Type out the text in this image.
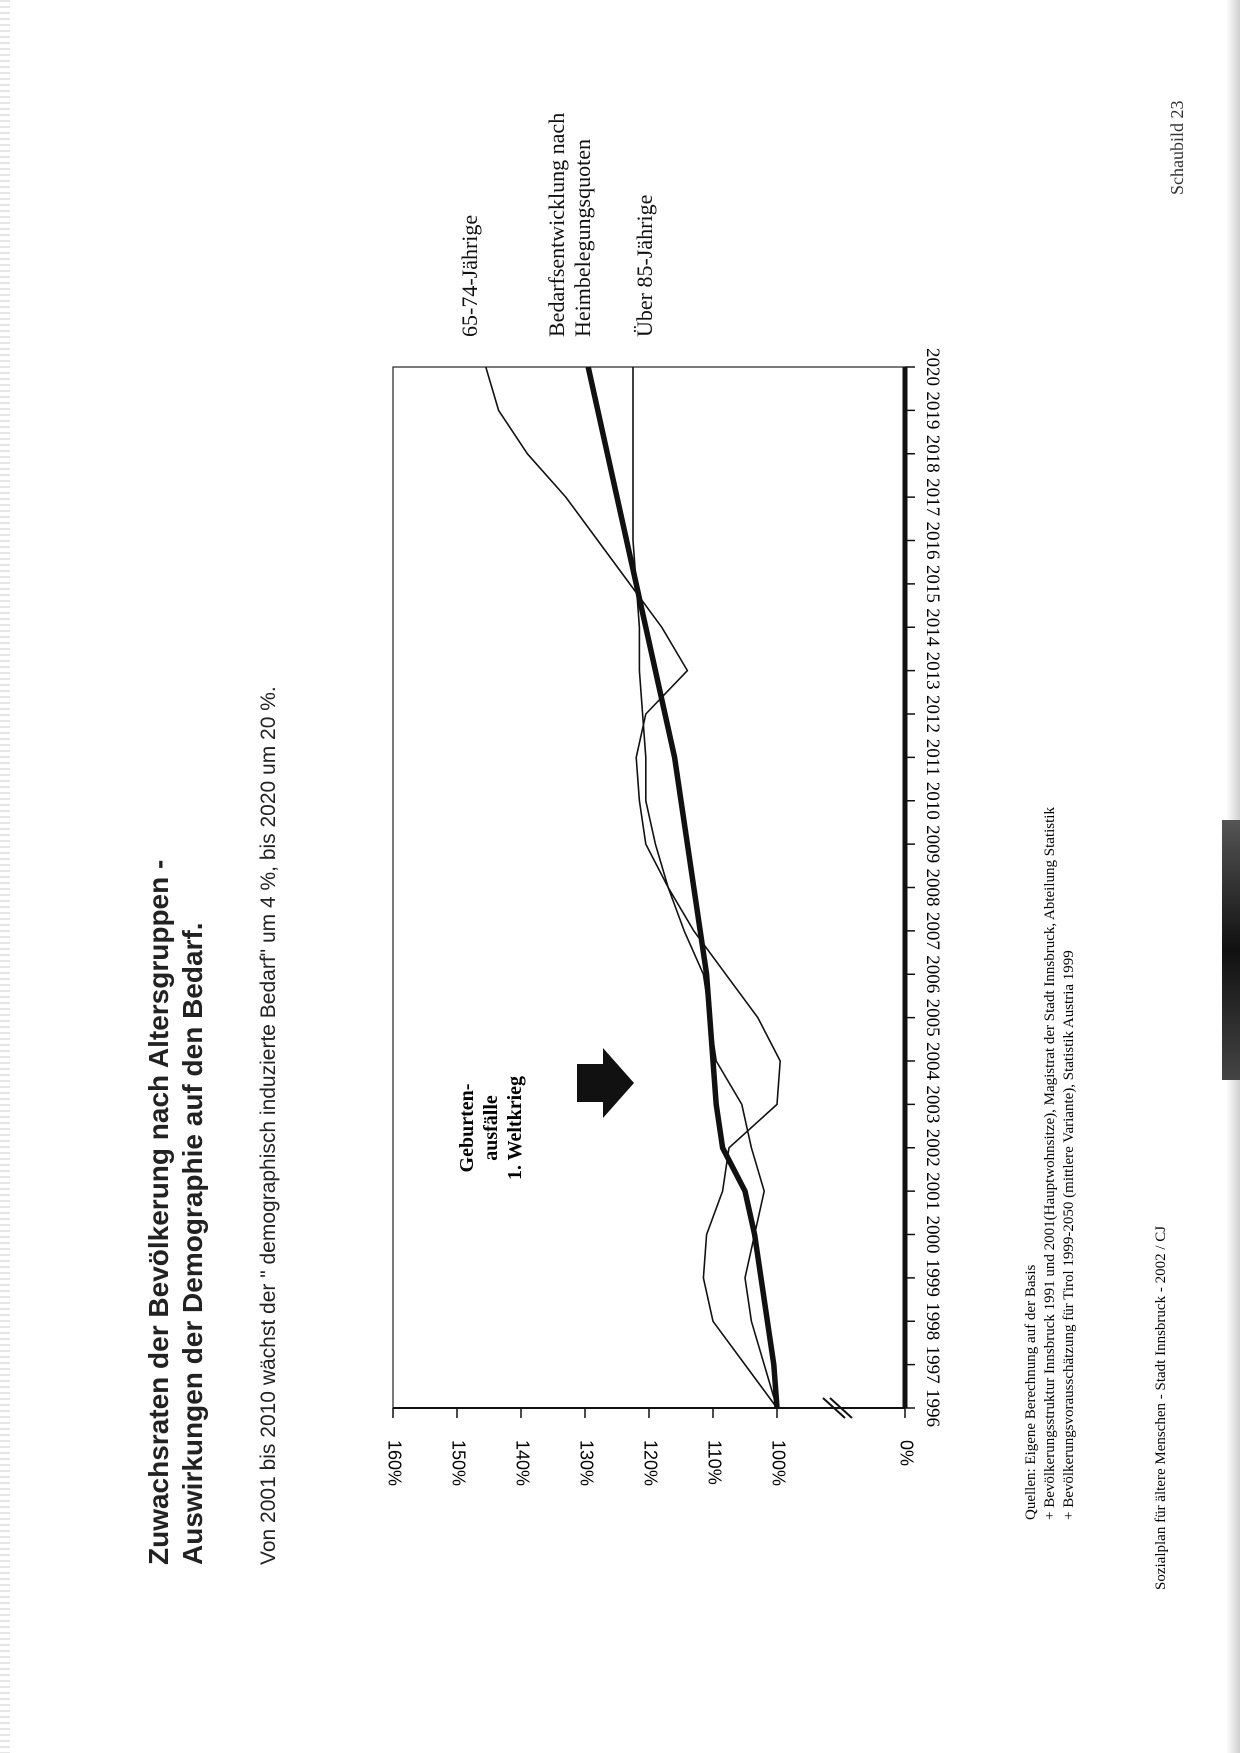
Zuwachsraten der Bevölkerung nach Altersgruppen - Auswirkungen der Demographie auf den Bedarf. Von 2001 bis 2010 wächst der " demographisch induzierte Bedarf" um 4 %, bis 2020 um 20 %.
Schaubild 23
65-74-Jährige	Bedarfsentwicklung nach Heimbelegungsquoten Über 85-Jährige
Geburten- ausfälle 1. Weltkrieg
Quellen: Eigene Berechnung auf der Basis + Bevölkerungsstruktur Innsbruck 1991 und 2001(Hauptwohnsitze), Magistrat der Stadt Innsbruck, Abteilung Statistik + Bevölkerungsvorausschätzung für Tirol 1999-2050 (mittlere Variante), Statistik Austria 1999	Sozialplan für ältere Menschen - Stadt Innsbruck - 2002 / CJ
1996
1997
1998
1999
2000
2001
2002
2003
2004
2005
2006
2007
2008
2009
2010
2011
2012
2013
2014
2015
2016
2017
2018
2019
2020
0%
100%
110%
120%
130%
140%
150%
160%
